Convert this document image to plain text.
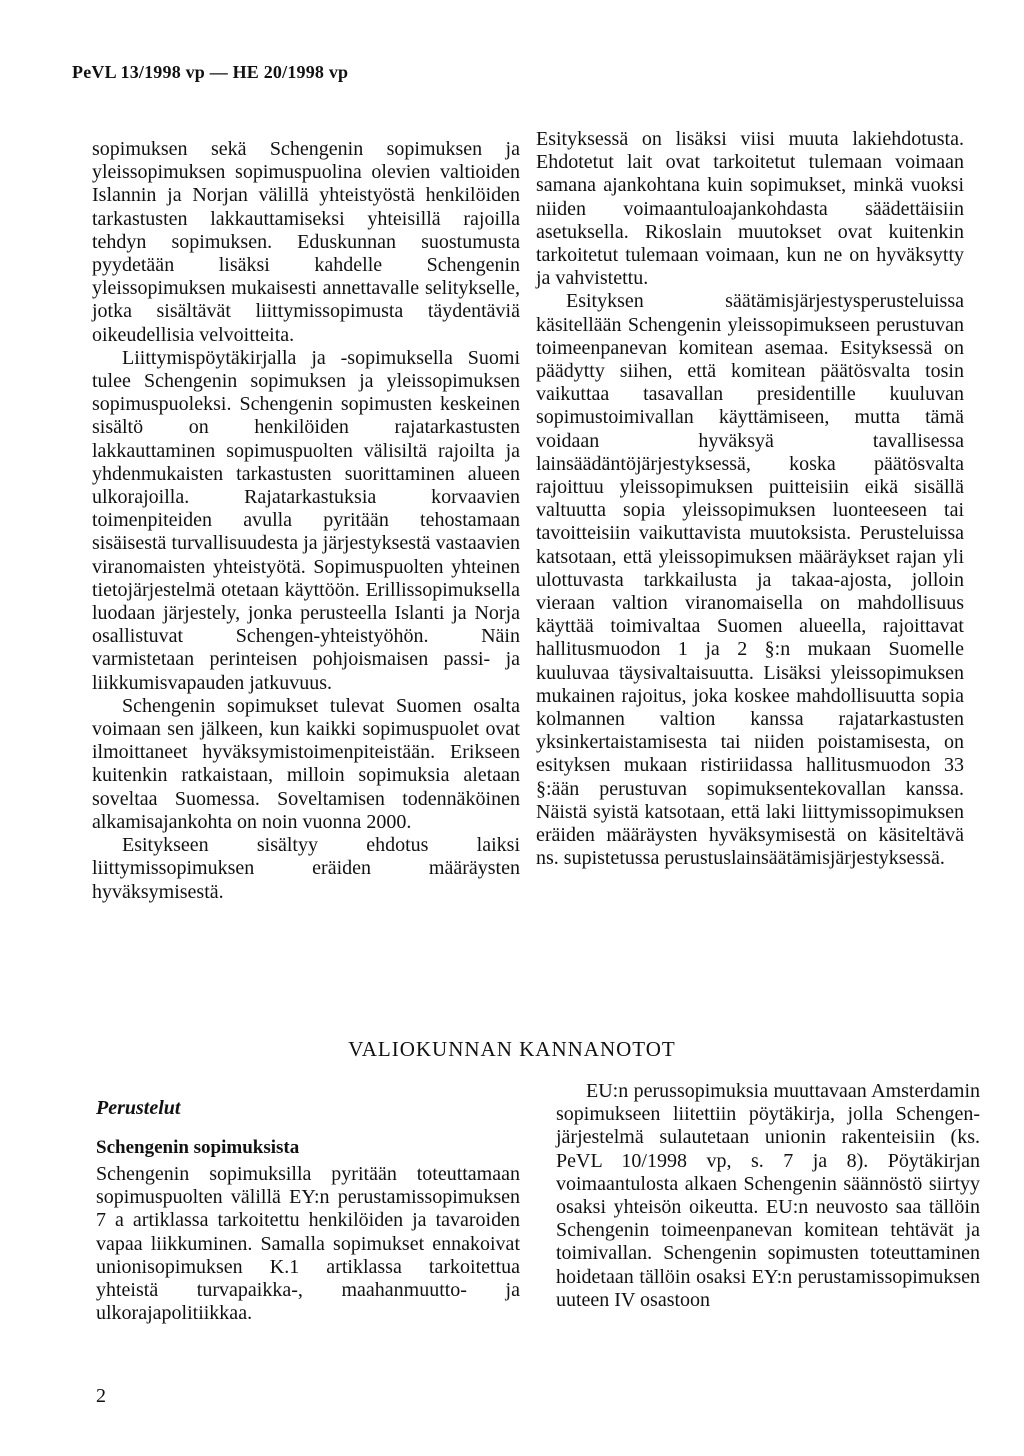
PeVL 13/1998 vp — HE 20/1998 vp

sopimuksen sekä Schengenin sopimuksen ja yleissopimuksen sopimuspuolina olevien valtioiden Islannin ja Norjan välillä yhteistyöstä henkilöiden tarkastusten lakkauttamiseksi yhteisillä rajoilla tehdyn sopimuksen. Eduskunnan suostumusta pyydetään lisäksi kahdelle Schengenin yleissopimuksen mukaisesti annettavalle selitykselle, jotka sisältävät liittymissopimusta täydentäviä oikeudellisia velvoitteita.

Liittymispöytäkirjalla ja -sopimuksella Suomi tulee Schengenin sopimuksen ja yleissopimuksen sopimuspuoleksi. Schengenin sopimusten keskeinen sisältö on henkilöiden rajatarkastusten lakkauttaminen sopimuspuolten välisiltä rajoilta ja yhdenmukaisten tarkastusten suorittaminen alueen ulkorajoilla. Rajatarkastuksia korvaavien toimenpiteiden avulla pyritään tehostamaan sisäisestä turvallisuudesta ja järjestyksestä vastaavien viranomaisten yhteistyötä. Sopimuspuolten yhteinen tietojärjestelmä otetaan käyttöön. Erillissopimuksella luodaan järjestely, jonka perusteella Islanti ja Norja osallistuvat Schengen-yhteistyöhön. Näin varmistetaan perinteisen pohjoismaisen passi- ja liikkumisvapauden jatkuvuus.

Schengenin sopimukset tulevat Suomen osalta voimaan sen jälkeen, kun kaikki sopimuspuolet ovat ilmoittaneet hyväksymistoimenpiteistään. Erikseen kuitenkin ratkaistaan, milloin sopimuksia aletaan soveltaa Suomessa. Soveltamisen todennäköinen alkamisajankohta on noin vuonna 2000.

Esitykseen sisältyy ehdotus laiksi liittymissopimuksen eräiden määräysten hyväksymisestä.

Esityksessä on lisäksi viisi muuta lakiehdotusta. Ehdotetut lait ovat tarkoitetut tulemaan voimaan samana ajankohtana kuin sopimukset, minkä vuoksi niiden voimaantuloajankohdasta säädettäisiin asetuksella. Rikoslain muutokset ovat kuitenkin tarkoitetut tulemaan voimaan, kun ne on hyväksytty ja vahvistettu.

Esityksen säätämisjärjestysperusteluissa käsitellään Schengenin yleissopimukseen perustuvan toimeenpanevan komitean asemaa. Esityksessä on päädytty siihen, että komitean päätösvalta tosin vaikuttaa tasavallan presidentille kuuluvan sopimustoimivallan käyttämiseen, mutta tämä voidaan hyväksyä tavallisessa lainsäädäntöjärjestyksessä, koska päätösvalta rajoittuu yleissopimuksen puitteisiin eikä sisällä valtuutta sopia yleissopimuksen luonteeseen tai tavoitteisiin vaikuttavista muutoksista. Perusteluissa katsotaan, että yleissopimuksen määräykset rajan yli ulottuvasta tarkkailusta ja takaa-ajosta, jolloin vieraan valtion viranomaisella on mahdollisuus käyttää toimivaltaa Suomen alueella, rajoittavat hallitusmuodon 1 ja 2 §:n mukaan Suomelle kuuluvaa täysivaltaisuutta. Lisäksi yleissopimuksen mukainen rajoitus, joka koskee mahdollisuutta sopia kolmannen valtion kanssa rajatarkastusten yksinkertaistamisesta tai niiden poistamisesta, on esityksen mukaan ristiriidassa hallitusmuodon 33 §:ään perustuvan sopimuksentekovallan kanssa. Näistä syistä katsotaan, että laki liittymissopimuksen eräiden määräysten hyväksymisestä on käsiteltävä ns. supistetussa perustuslainsäätämisjärjestyksessä.

VALIOKUNNAN KANNANOTOT
Perustelut
Schengenin sopimuksista

Schengenin sopimuksilla pyritään toteuttamaan sopimuspuolten välillä EY:n perustamissopimuksen 7 a artiklassa tarkoitettu henkilöiden ja tavaroiden vapaa liikkuminen. Samalla sopimukset ennakoivat unionisopimuksen K.1 artiklassa tarkoitettua yhteistä turvapaikka-, maahanmuutto- ja ulkorajapolitiikkaa.

EU:n perussopimuksia muuttavaan Amsterdamin sopimukseen liitettiin pöytäkirja, jolla Schengen-järjestelmä sulautetaan unionin rakenteisiin (ks. PeVL 10/1998 vp, s. 7 ja 8). Pöytäkirjan voimaantulosta alkaen Schengenin säännöstö siirtyy osaksi yhteisön oikeutta. EU:n neuvosto saa tällöin Schengenin toimeenpanevan komitean tehtävät ja toimivallan. Schengenin sopimusten toteuttaminen hoidetaan tällöin osaksi EY:n perustamissopimuksen uuteen IV osastoon

2
